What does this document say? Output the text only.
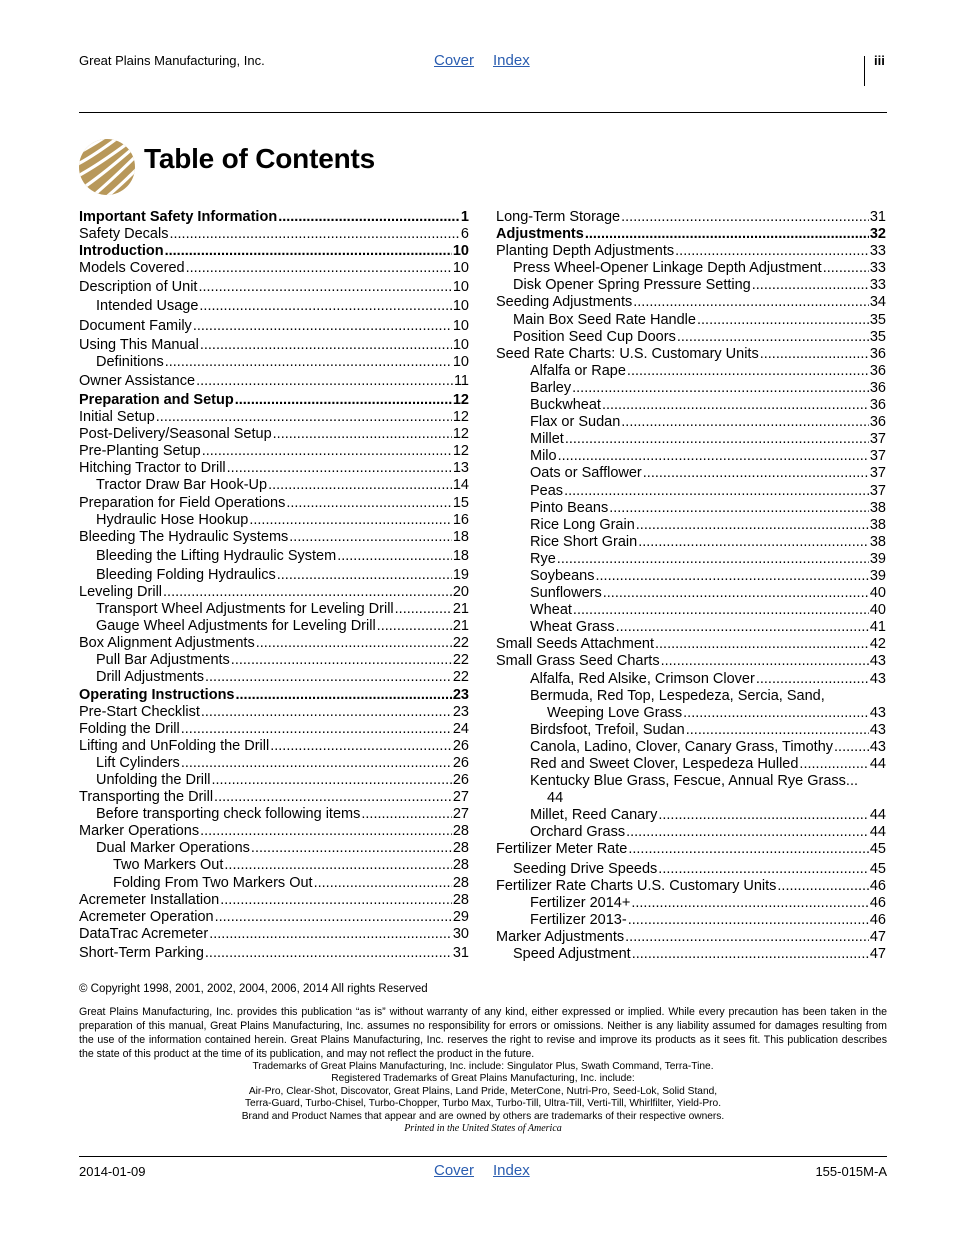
Great Plains Manufacturing, Inc.	Cover Index	iii
Table of Contents
Important Safety Information .....	1
Safety Decals .....	6
Introduction .....	10
Models Covered .....	10
Description of Unit .....	10
Intended Usage .....	10
Document Family .....	10
Using This Manual .....	10
Definitions .....	10
Owner Assistance .....	11
Preparation and Setup .....	12
Initial Setup .....	12
Post-Delivery/Seasonal Setup .....	12
Pre-Planting Setup .....	12
Hitching Tractor to Drill .....	13
Tractor Draw Bar Hook-Up .....	14
Preparation for Field Operations .....	15
Hydraulic Hose Hookup .....	16
Bleeding The Hydraulic Systems .....	18
Bleeding the Lifting Hydraulic System .....	18
Bleeding Folding Hydraulics .....	19
Leveling Drill .....	20
Transport Wheel Adjustments for Leveling Drill .....	21
Gauge Wheel Adjustments for Leveling Drill .....	21
Box Alignment Adjustments .....	22
Pull Bar Adjustments .....	22
Drill Adjustments .....	22
Operating Instructions .....	23
Pre-Start Checklist .....	23
Folding the Drill .....	24
Lifting and UnFolding the Drill .....	26
Lift Cylinders .....	26
Unfolding the Drill .....	26
Transporting the Drill .....	27
Before transporting check following items .....	27
Marker Operations .....	28
Dual Marker Operations .....	28
Two Markers Out .....	28
Folding From Two Markers Out .....	28
Acremeter Installation .....	28
Acremeter Operation .....	29
DataTrac Acremeter .....	30
Short-Term Parking .....	31
Long-Term Storage .....	31
Adjustments .....	32
Planting Depth Adjustments .....	33
Press Wheel-Opener Linkage Depth Adjustment .....	33
Disk Opener Spring Pressure Setting .....	33
Seeding Adjustments .....	34
Main Box Seed Rate Handle .....	35
Position Seed Cup Doors .....	35
Seed Rate Charts: U.S. Customary Units .....	36
Alfalfa or Rape .....	36
Barley .....	36
Buckwheat .....	36
Flax or Sudan .....	36
Millet .....	37
Milo .....	37
Oats or Safflower .....	37
Peas .....	37
Pinto Beans .....	38
Rice Long Grain .....	38
Rice Short Grain .....	38
Rye .....	39
Soybeans .....	39
Sunflowers .....	40
Wheat .....	40
Wheat Grass .....	41
Small Seeds Attachment .....	42
Small Grass Seed Charts .....	43
Alfalfa, Red Alsike, Crimson Clover .....	43
Bermuda, Red Top, Lespedeza, Sercia, Sand,
Weeping Love Grass .....	43
Birdsfoot, Trefoil, Sudan .....	43
Canola, Ladino, Clover, Canary Grass, Timothy .....	43
Red and Sweet Clover, Lespedeza Hulled .....	44
Kentucky Blue Grass, Fescue, Annual Rye Grass...
44
Millet, Reed Canary .....	44
Orchard Grass .....	44
Fertilizer Meter Rate .....	45
Seeding Drive Speeds .....	45
Fertilizer Rate Charts U.S. Customary Units .....	46
Fertilizer 2014+ .....	46
Fertilizer 2013- .....	46
Marker Adjustments .....	47
Speed Adjustment .....	47
© Copyright 1998, 2001, 2002, 2004, 2006, 2014 All rights Reserved
Great Plains Manufacturing, Inc. provides this publication “as is” without warranty of any kind, either expressed or implied. While every precaution has been taken in the preparation of this manual, Great Plains Manufacturing, Inc. assumes no responsibility for errors or omissions. Neither is any liability assumed for damages resulting from the use of the information contained herein. Great Plains Manufacturing, Inc. reserves the right to revise and improve its products as it sees fit. This publication describes the state of this product at the time of its publication, and may not reflect the product in the future.
Trademarks of Great Plains Manufacturing, Inc. include: Singulator Plus, Swath Command, Terra-Tine.
Registered Trademarks of Great Plains Manufacturing, Inc. include:
Air-Pro, Clear-Shot, Discovator, Great Plains, Land Pride, MeterCone, Nutri-Pro, Seed-Lok, Solid Stand,
Terra-Guard, Turbo-Chisel, Turbo-Chopper, Turbo Max, Turbo-Till, Ultra-Till, Verti-Till, Whirlfilter, Yield-Pro.
Brand and Product Names that appear and are owned by others are trademarks of their respective owners.
Printed in the United States of America
2014-01-09	Cover Index	155-015M-A
